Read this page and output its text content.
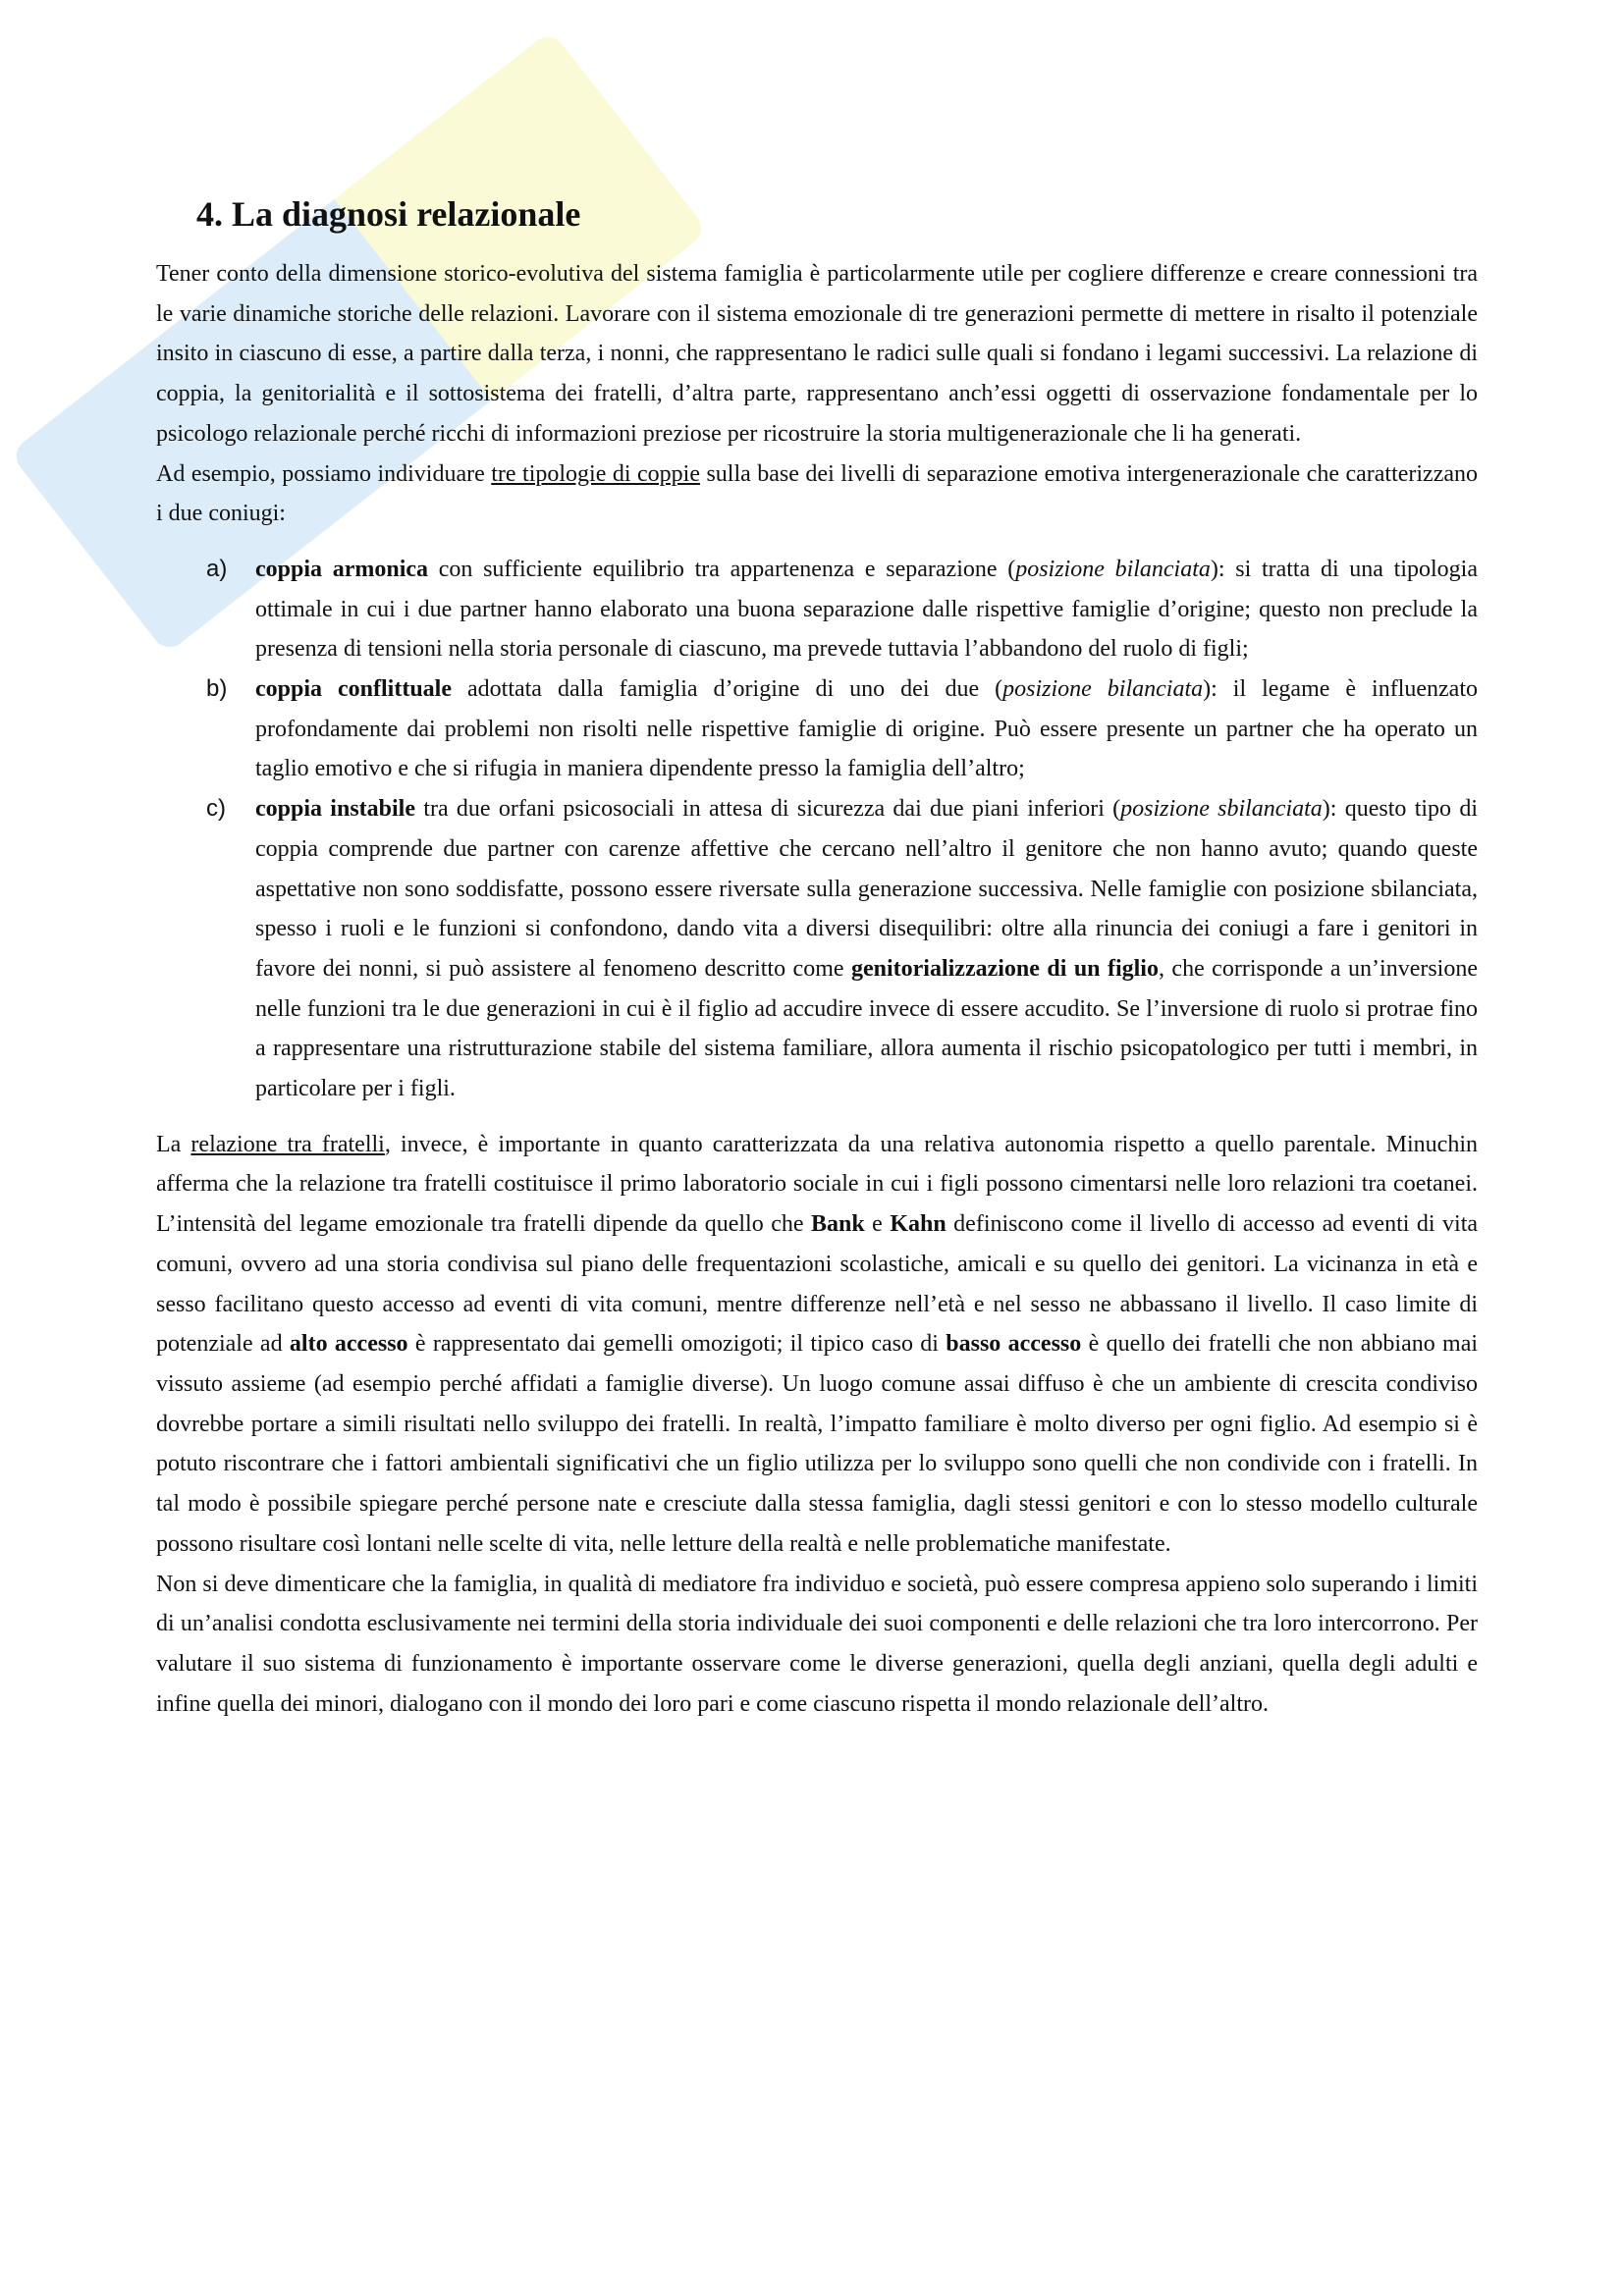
4. La diagnosi relazionale

Tener conto della dimensione storico-evolutiva del sistema famiglia è particolarmente utile per cogliere differenze e creare connessioni tra le varie dinamiche storiche delle relazioni. Lavorare con il sistema emozionale di tre generazioni permette di mettere in risalto il potenziale insito in ciascuno di esse, a partire dalla terza, i nonni, che rappresentano le radici sulle quali si fondano i legami successivi. La relazione di coppia, la genitorialità e il sottosistema dei fratelli, d’altra parte, rappresentano anch’essi oggetti di osservazione fondamentale per lo psicologo relazionale perché ricchi di informazioni preziose per ricostruire la storia multigenerazionale che li ha generati.

Ad esempio, possiamo individuare tre tipologie di coppie sulla base dei livelli di separazione emotiva intergenerazionale che caratterizzano i due coniugi:

a) coppia armonica con sufficiente equilibrio tra appartenenza e separazione (posizione bilanciata): si tratta di una tipologia ottimale in cui i due partner hanno elaborato una buona separazione dalle rispettive famiglie d’origine; questo non preclude la presenza di tensioni nella storia personale di ciascuno, ma prevede tuttavia l’abbandono del ruolo di figli;
b) coppia conflittuale adottata dalla famiglia d’origine di uno dei due (posizione bilanciata): il legame è influenzato profondamente dai problemi non risolti nelle rispettive famiglie di origine. Può essere presente un partner che ha operato un taglio emotivo e che si rifugia in maniera dipendente presso la famiglia dell’altro;
c) coppia instabile tra due orfani psicosociali in attesa di sicurezza dai due piani inferiori (posizione sbilanciata): questo tipo di coppia comprende due partner con carenze affettive che cercano nell’altro il genitore che non hanno avuto; quando queste aspettative non sono soddisfatte, possono essere riversate sulla generazione successiva. Nelle famiglie con posizione sbilanciata, spesso i ruoli e le funzioni si confondono, dando vita a diversi disequilibri: oltre alla rinuncia dei coniugi a fare i genitori in favore dei nonni, si può assistere al fenomeno descritto come genitorializzazione di un figlio, che corrisponde a un’inversione nelle funzioni tra le due generazioni in cui è il figlio ad accudire invece di essere accudito. Se l’inversione di ruolo si protrae fino a rappresentare una ristrutturazione stabile del sistema familiare, allora aumenta il rischio psicopatologico per tutti i membri, in particolare per i figli.

La relazione tra fratelli, invece, è importante in quanto caratterizzata da una relativa autonomia rispetto a quello parentale. Minuchin afferma che la relazione tra fratelli costituisce il primo laboratorio sociale in cui i figli possono cimentarsi nelle loro relazioni tra coetanei. L’intensità del legame emozionale tra fratelli dipende da quello che Bank e Kahn definiscono come il livello di accesso ad eventi di vita comuni, ovvero ad una storia condivisa sul piano delle frequentazioni scolastiche, amicali e su quello dei genitori. La vicinanza in età e sesso facilitano questo accesso ad eventi di vita comuni, mentre differenze nell’età e nel sesso ne abbassano il livello. Il caso limite di potenziale ad alto accesso è rappresentato dai gemelli omozigoti; il tipico caso di basso accesso è quello dei fratelli che non abbiano mai vissuto assieme (ad esempio perché affidati a famiglie diverse). Un luogo comune assai diffuso è che un ambiente di crescita condiviso dovrebbe portare a simili risultati nello sviluppo dei fratelli. In realtà, l’impatto familiare è molto diverso per ogni figlio. Ad esempio si è potuto riscontrare che i fattori ambientali significativi che un figlio utilizza per lo sviluppo sono quelli che non condivide con i fratelli. In tal modo è possibile spiegare perché persone nate e cresciute dalla stessa famiglia, dagli stessi genitori e con lo stesso modello culturale possono risultare così lontani nelle scelte di vita, nelle letture della realtà e nelle problematiche manifestate.

Non si deve dimenticare che la famiglia, in qualità di mediatore fra individuo e società, può essere compresa appieno solo superando i limiti di un’analisi condotta esclusivamente nei termini della storia individuale dei suoi componenti e delle relazioni che tra loro intercorrono. Per valutare il suo sistema di funzionamento è importante osservare come le diverse generazioni, quella degli anziani, quella degli adulti e infine quella dei minori, dialogano con il mondo dei loro pari e come ciascuno rispetta il mondo relazionale dell’altro.
